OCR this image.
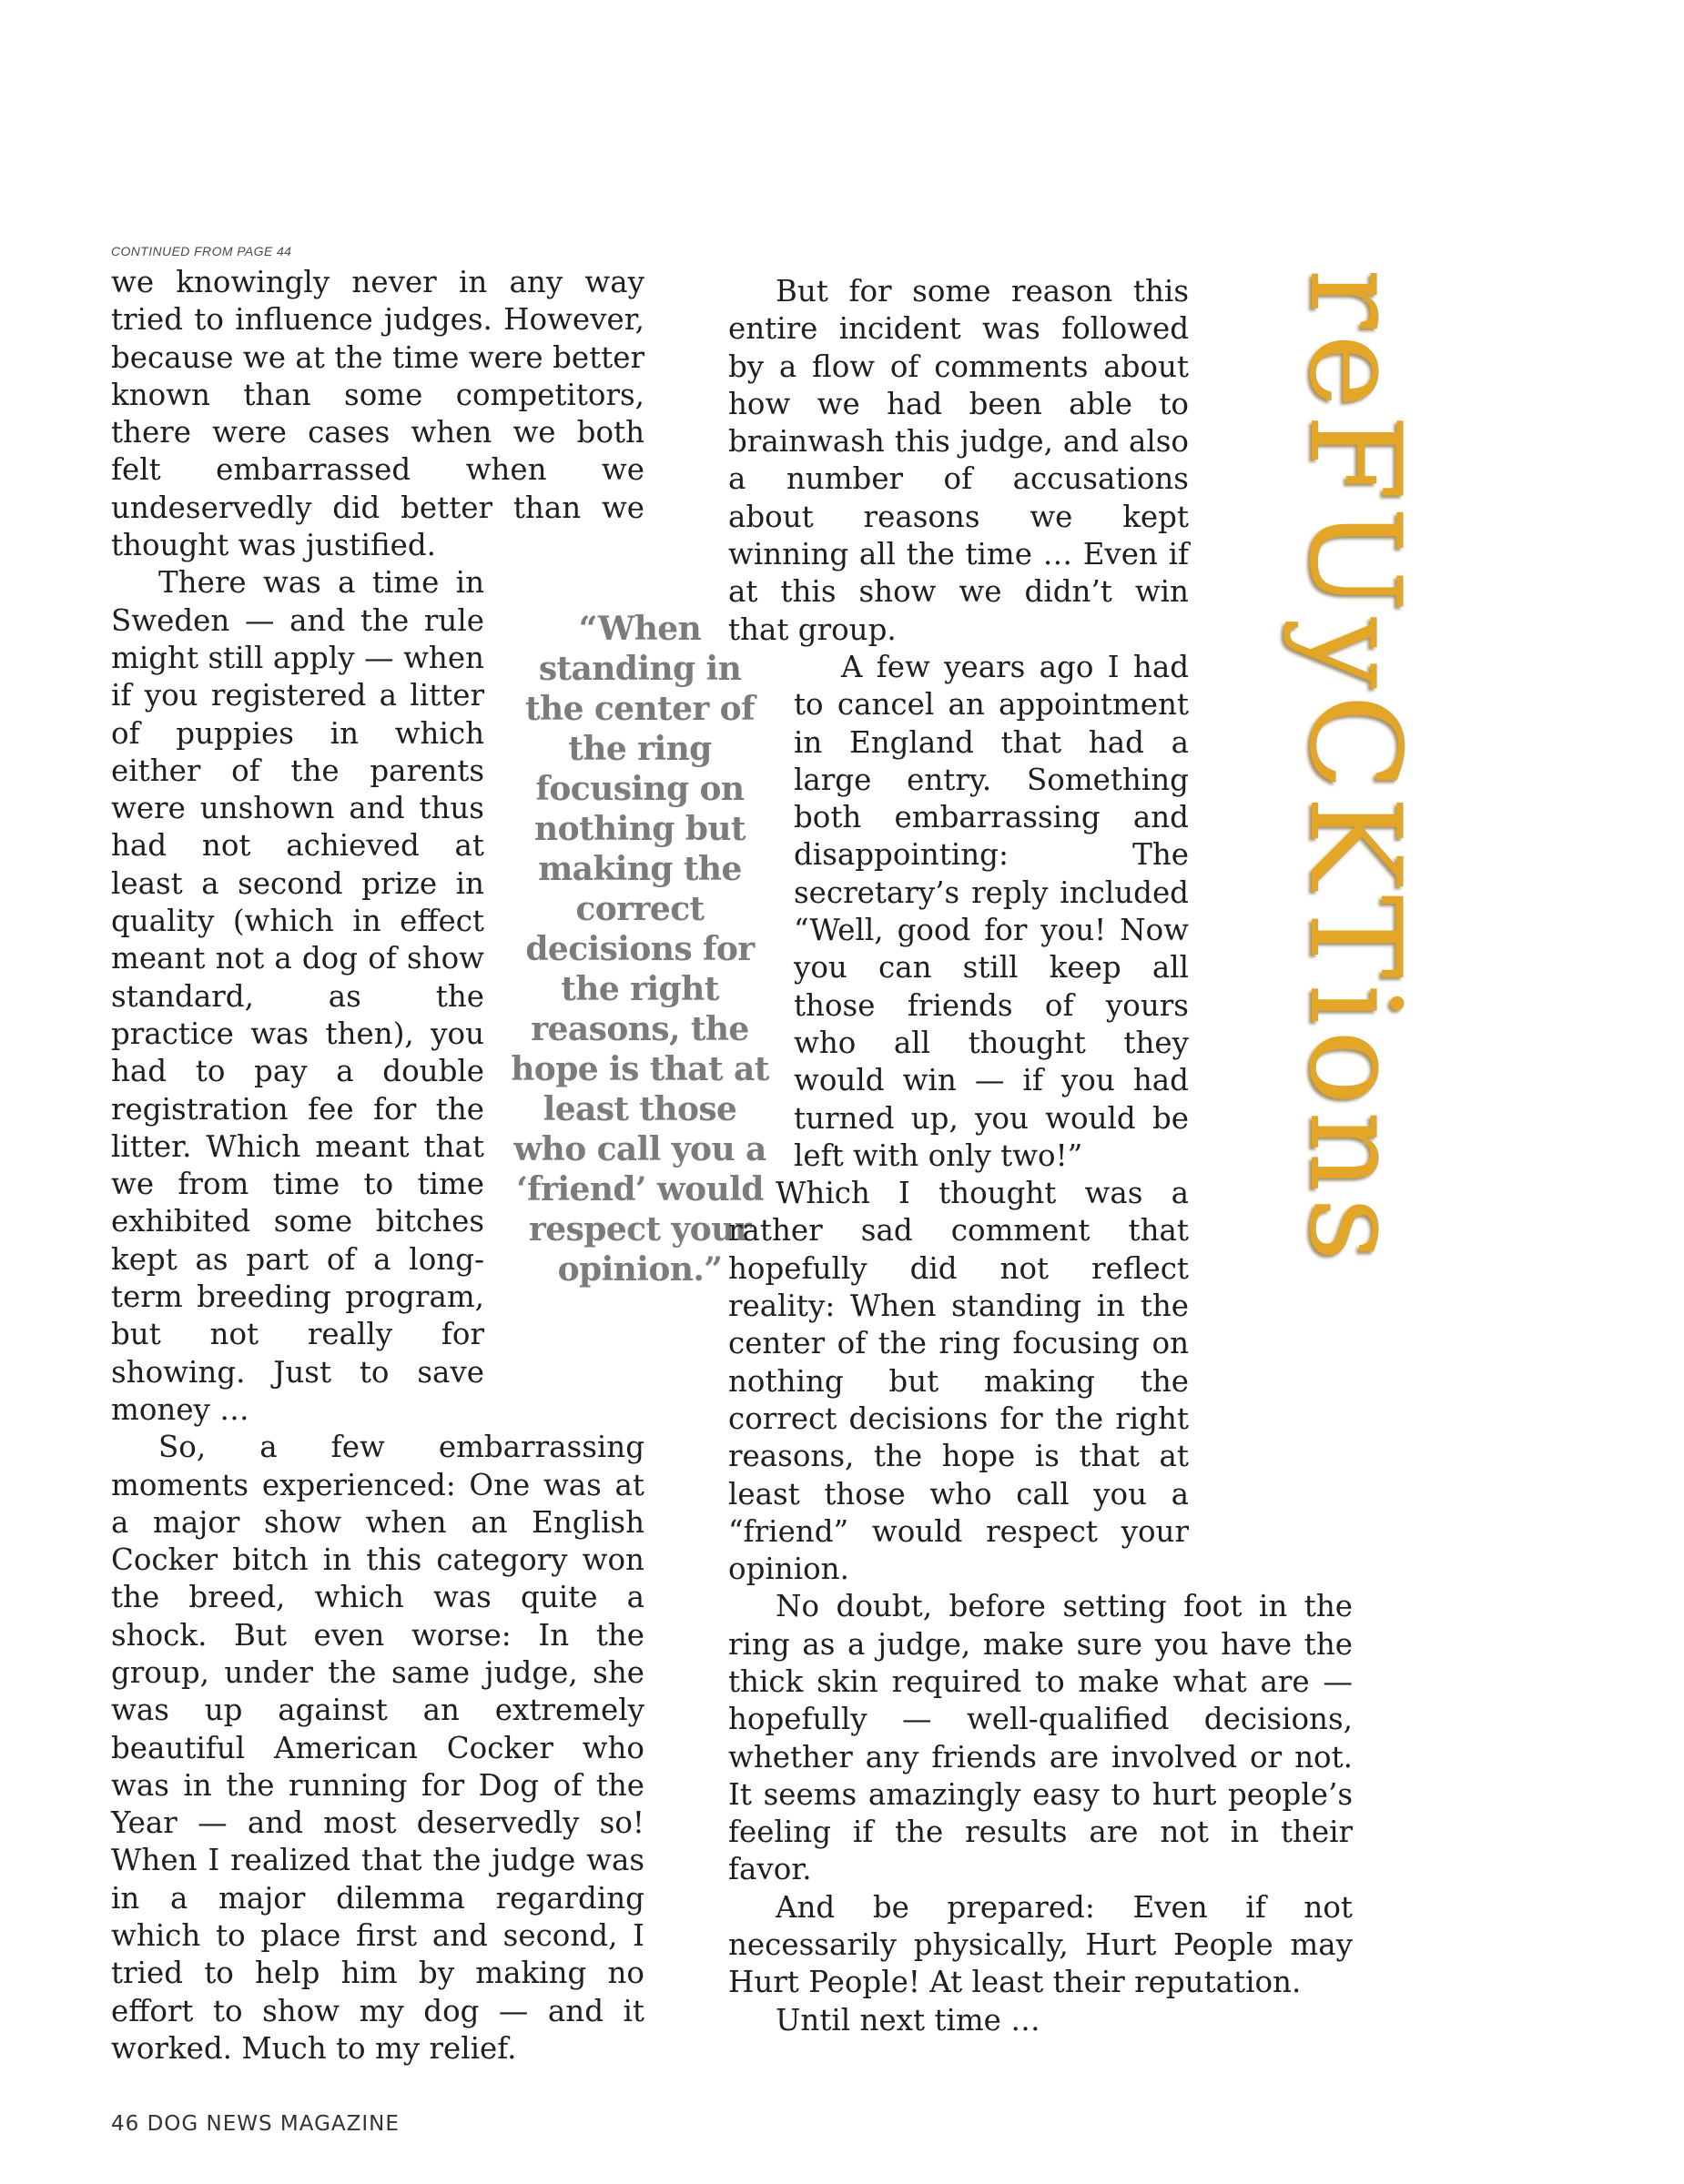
CONTINUED FROM PAGE 44
reFUyCKTions

we knowingly never in any way tried to influence judges. However, because we at the time were better known than some competitors, there were cases when we both felt embarrassed when we undeservedly did better than we thought was justified.

There was a time in Sweden — and the rule might still apply — when if you registered a litter of puppies in which either of the parents were unshown and thus had not achieved at least a second prize in quality (which in effect meant not a dog of show standard, as the practice was then), you had to pay a double registration fee for the litter. Which meant that we from time to time exhibited some bitches kept as part of a long-term breeding program, but not really for showing. Just to save money …

So, a few embarrassing moments experienced: One was at a major show when an English Cocker bitch in this category won the breed, which was quite a shock. But even worse: In the group, under the same judge, she was up against an extremely beautiful American Cocker who was in the running for Dog of the Year — and most deservedly so! When I realized that the judge was in a major dilemma regarding which to place first and second, I tried to help him by making no effort to show my dog — and it worked. Much to my relief.

“When standing in the center of the ring focusing on nothing but making the correct decisions for the right reasons, the hope is that at least those who call you a ‘friend’ would respect your opinion.”

But for some reason this entire incident was followed by a flow of comments about how we had been able to brainwash this judge, and also a number of accusations about reasons we kept winning all the time … Even if at this show we didn’t win that group.

A few years ago I had to cancel an appointment in England that had a large entry. Something both embarrassing and disappointing: The secretary’s reply included “Well, good for you! Now you can still keep all those friends of yours who all thought they would win — if you had turned up, you would be left with only two!”

Which I thought was a rather sad comment that hopefully did not reflect reality: When standing in the center of the ring focusing on nothing but making the correct decisions for the right reasons, the hope is that at least those who call you a “friend” would respect your opinion.

No doubt, before setting foot in the ring as a judge, make sure you have the thick skin required to make what are — hopefully — well-qualified decisions, whether any friends are involved or not. It seems amazingly easy to hurt people’s feeling if the results are not in their favor.

And be prepared: Even if not necessarily physically, Hurt People may Hurt People! At least their reputation.

Until next time …

46 DOG NEWS MAGAZINE
